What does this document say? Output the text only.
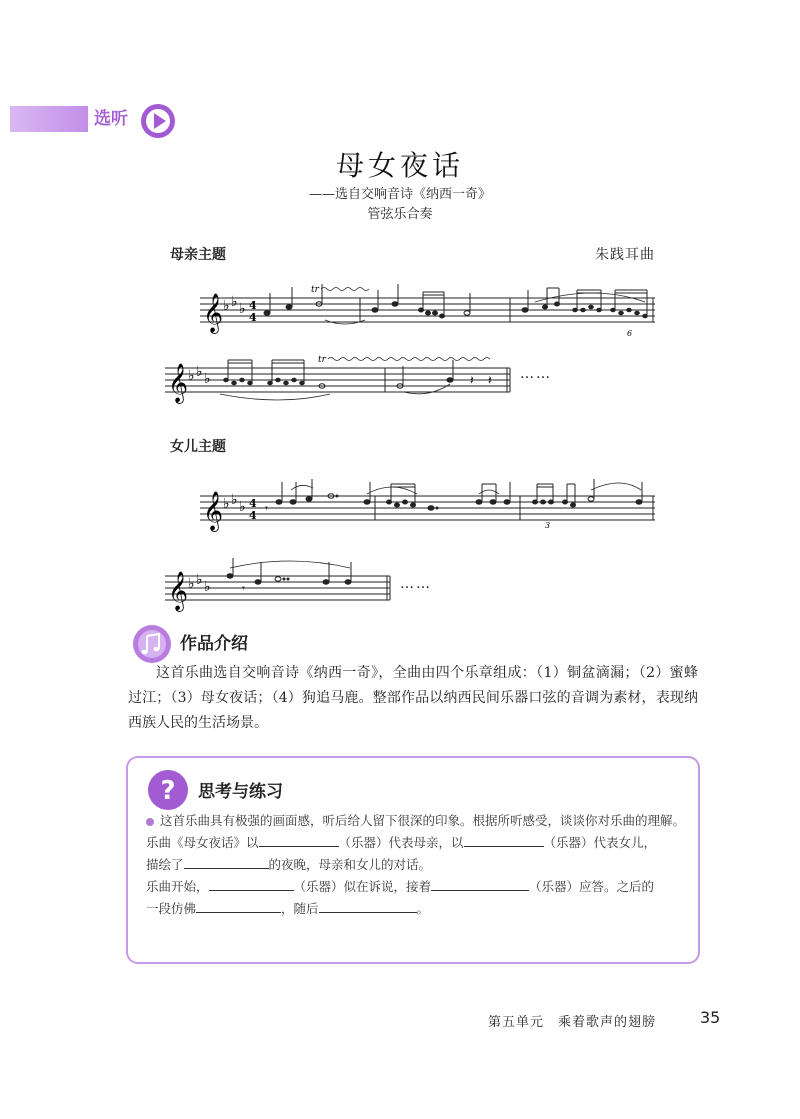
选听
母女夜话
——选自交响音诗《纳西一奇》
管弦乐合奏
母亲主题	朱践耳曲
𝄞 ♭ ♭ ♭ 4
4
tr
6
𝄞 ♭ ♭ ♭
tr
𝄽 𝄽 ……
女儿主题
𝄞 ♭ ♭ ♭ 4
4
𝄾
3
𝄞 ♭ ♭ ♭	𝄾	……
作品介绍
这首乐曲选自交响音诗《纳西一奇》，全曲由四个乐章组成：（1）铜盆滴漏；（2）蜜蜂过江；（3）母女夜话；（4）狗追马鹿。整部作品以纳西民间乐器口弦的音调为素材，表现纳西族人民的生活场景。
? 思考与练习
这首乐曲具有极强的画面感，听后给人留下很深的印象。根据所听感受，谈谈你对乐曲的理解。
乐曲《母女夜话》以	（乐器）代表母亲，以	（乐器）代表女儿，
描绘了	的夜晚，母亲和女儿的对话。
乐曲开始，	（乐器）似在诉说，接着	（乐器）应答。之后的
一段仿佛	，随后	。
第五单元　乘着歌声的翅膀	35
